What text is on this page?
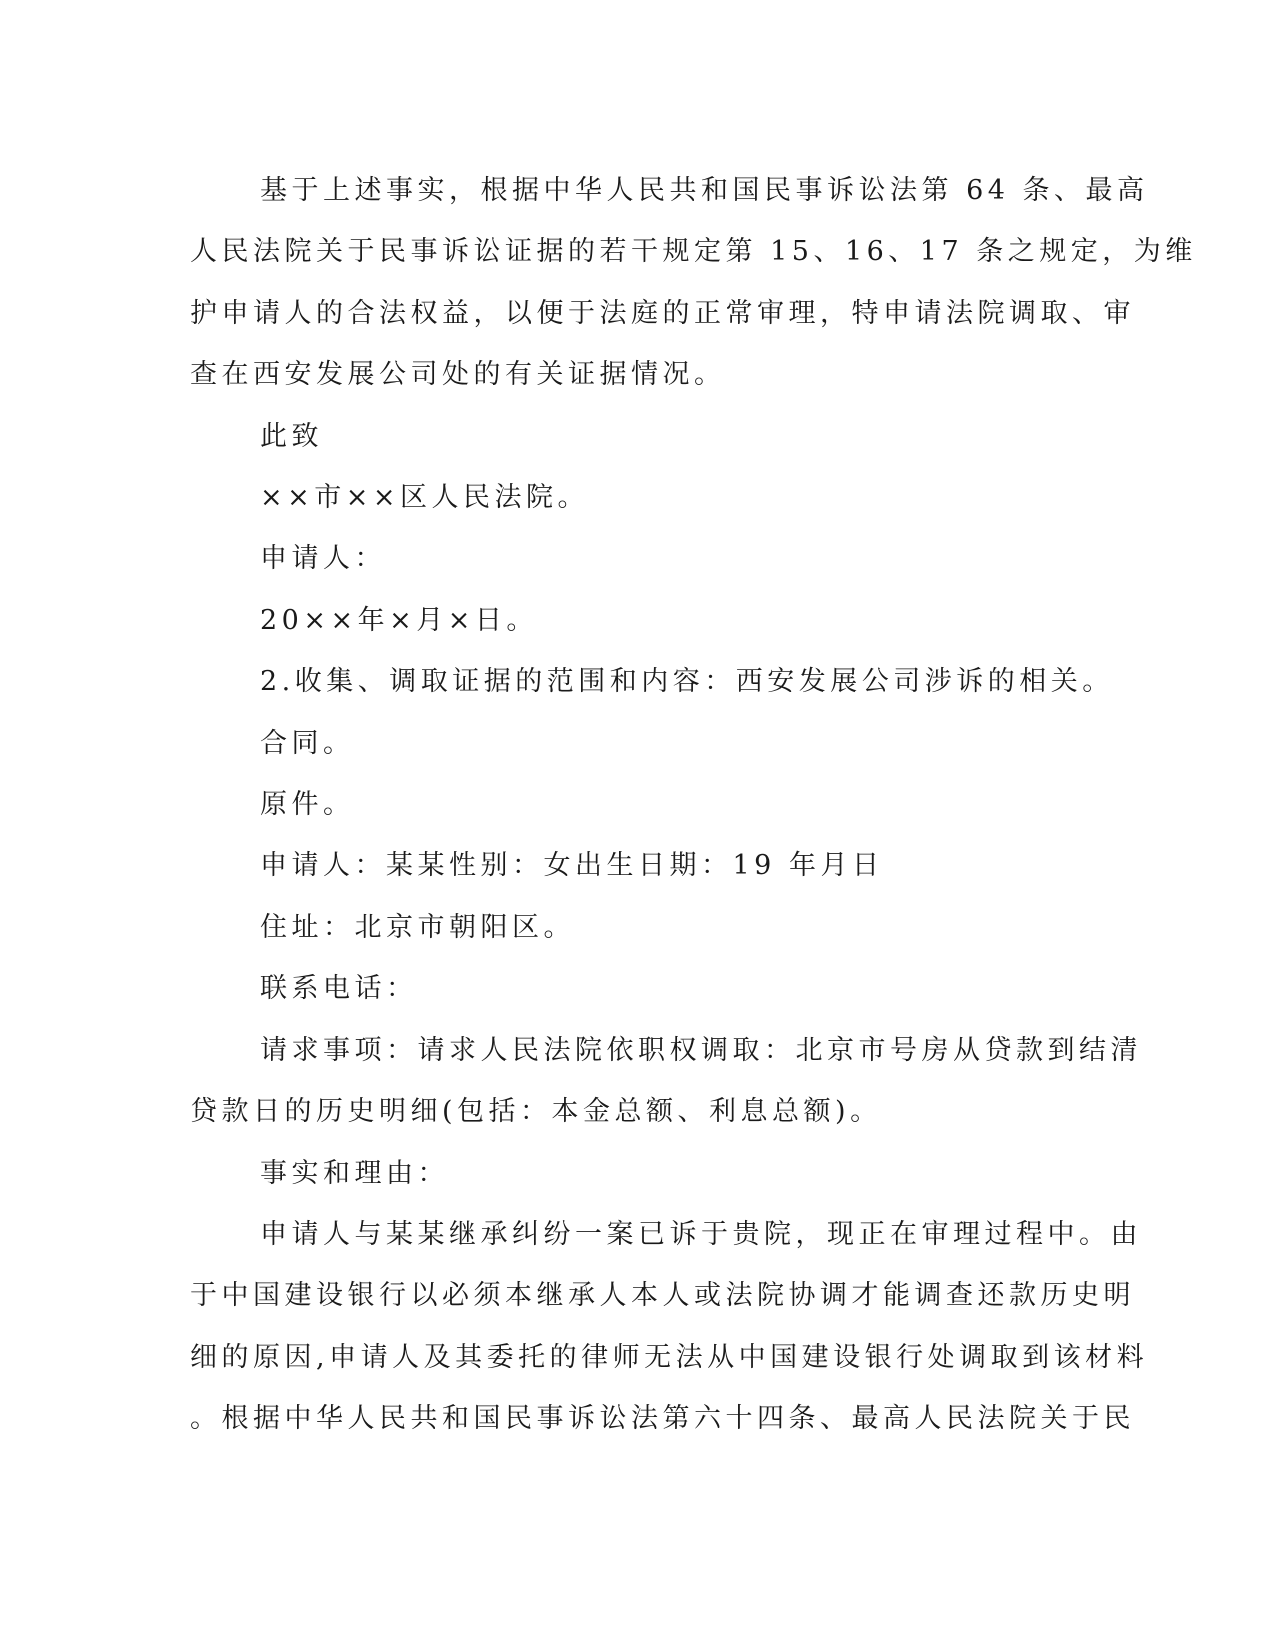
基于上述事实，根据中华人民共和国民事诉讼法第 64 条、最高

人民法院关于民事诉讼证据的若干规定第 15、16、17 条之规定，为维

护申请人的合法权益，以便于法庭的正常审理，特申请法院调取、审

查在西安发展公司处的有关证据情况。

此致

××市××区人民法院。

申请人：

20××年×月×日。

2.收集、调取证据的范围和内容：西安发展公司涉诉的相关。

合同。

原件。

申请人：某某性别：女出生日期：19 年月日

住址：北京市朝阳区。

联系电话：

请求事项：请求人民法院依职权调取：北京市号房从贷款到结清

贷款日的历史明细(包括：本金总额、利息总额)。

事实和理由：

申请人与某某继承纠纷一案已诉于贵院，现正在审理过程中。由

于中国建设银行以必须本继承人本人或法院协调才能调查还款历史明

细的原因,申请人及其委托的律师无法从中国建设银行处调取到该材料

。根据中华人民共和国民事诉讼法第六十四条、最高人民法院关于民
